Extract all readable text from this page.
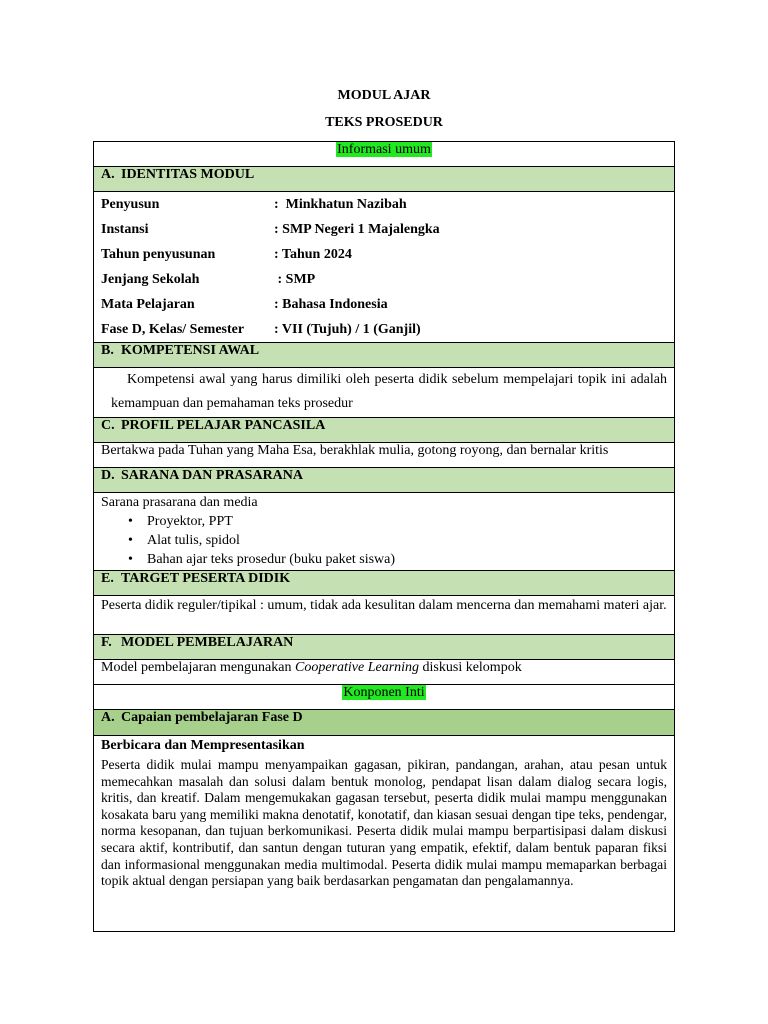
MODUL AJAR
TEKS PROSEDUR
Informasi umum
A. IDENTITAS MODUL

Penyusun	:  Minkhatun Nazibah
Instansi	: SMP Negeri 1 Majalengka
Tahun penyusunan	: Tahun 2024
Jenjang Sekolah	: SMP
Mata Pelajaran	: Bahasa Indonesia
Fase D, Kelas/ Semester	: VII (Tujuh) / 1 (Ganjil)

B. KOMPETENSI AWAL

Kompetensi awal yang harus dimiliki oleh peserta didik sebelum mempelajari topik ini adalah kemampuan dan pemahaman teks prosedur

C. PROFIL PELAJAR PANCASILA

Bertakwa pada Tuhan yang Maha Esa, berakhlak mulia, gotong royong, dan bernalar kritis

D. SARANA DAN PRASARANA

Sarana prasarana dan media
• Proyektor, PPT
• Alat tulis, spidol
• Bahan ajar teks prosedur (buku paket siswa)

E. TARGET PESERTA DIDIK

Peserta didik reguler/tipikal : umum, tidak ada kesulitan dalam mencerna dan memahami materi ajar.

F. MODEL PEMBELAJARAN
Model pembelajaran mengunakan Cooperative Learning diskusi kelompok
Konponen Inti
A. Capaian pembelajaran Fase D

Berbicara dan Mempresentasikan
Peserta didik mulai mampu menyampaikan gagasan, pikiran, pandangan, arahan, atau pesan untuk memecahkan masalah dan solusi dalam bentuk monolog, pendapat lisan dalam dialog secara logis, kritis, dan kreatif. Dalam mengemukakan gagasan tersebut, peserta didik mulai mampu menggunakan kosakata baru yang memiliki makna denotatif, konotatif, dan kiasan sesuai dengan tipe teks, pendengar, norma kesopanan, dan tujuan berkomunikasi. Peserta didik mulai mampu berpartisipasi dalam diskusi secara aktif, kontributif, dan santun dengan tuturan yang empatik, efektif, dalam bentuk paparan fiksi dan informasional menggunakan media multimodal. Peserta didik mulai mampu memaparkan berbagai topik aktual dengan persiapan yang baik berdasarkan pengamatan dan pengalamannya.
